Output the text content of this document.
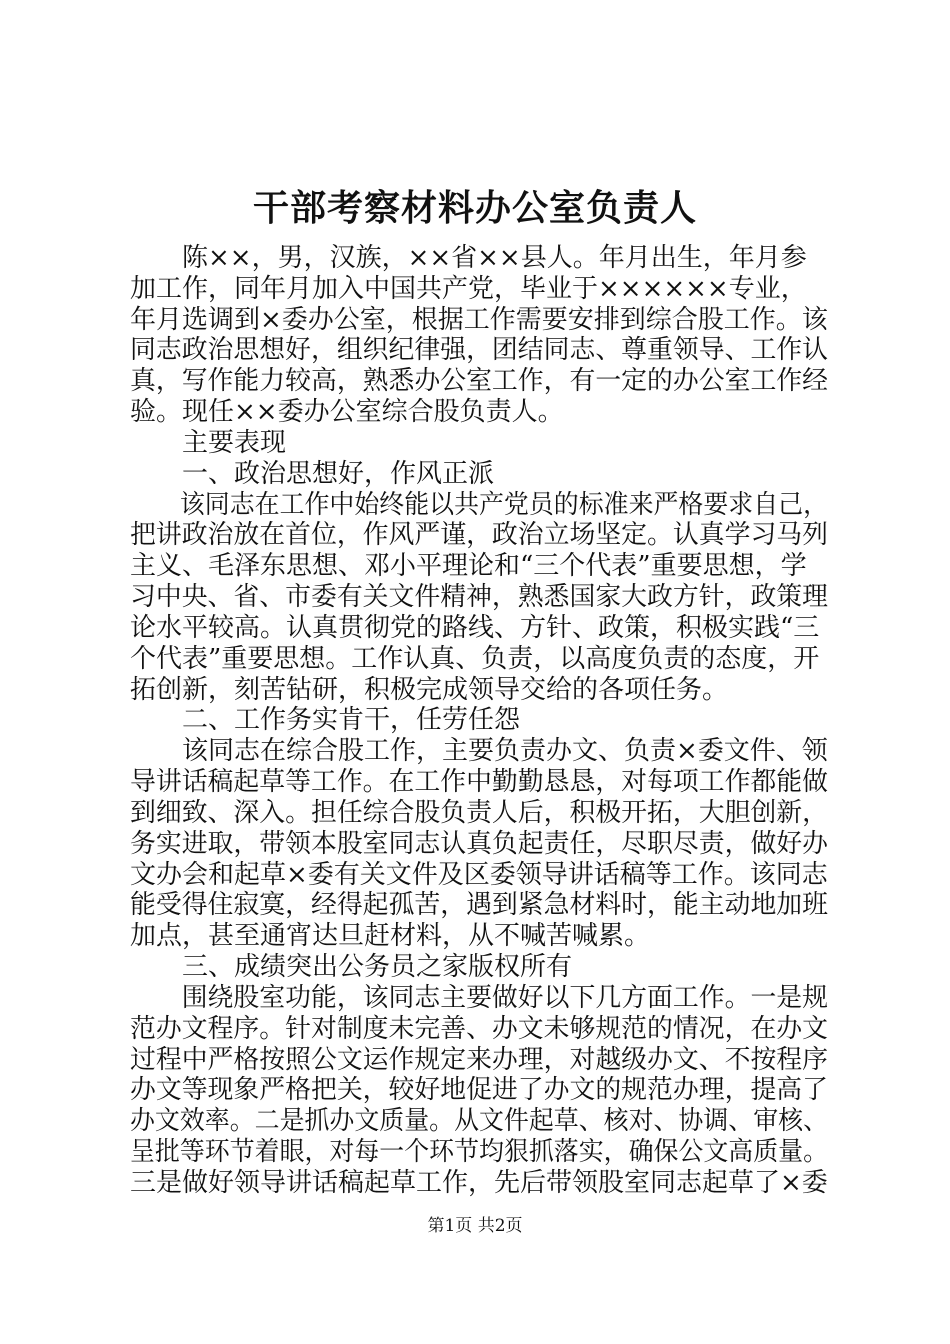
干部考察材料办公室负责人
　　陈××，男，汉族，××省××县人。年月出生，年月参
加工作，同年月加入中国共产党，毕业于××××××专业，
年月选调到×委办公室，根据工作需要安排到综合股工作。该
同志政治思想好，组织纪律强，团结同志、尊重领导、工作认
真，写作能力较高，熟悉办公室工作，有一定的办公室工作经
验。现任××委办公室综合股负责人。
　　主要表现
　　一、政治思想好，作风正派
　　该同志在工作中始终能以共产党员的标准来严格要求自己，
把讲政治放在首位，作风严谨，政治立场坚定。认真学习马列
主义、毛泽东思想、邓小平理论和“三个代表”重要思想，学
习中央、省、市委有关文件精神，熟悉国家大政方针，政策理
论水平较高。认真贯彻党的路线、方针、政策，积极实践“三
个代表”重要思想。工作认真、负责，以高度负责的态度，开
拓创新，刻苦钻研，积极完成领导交给的各项任务。
　　二、工作务实肯干，任劳任怨
　　该同志在综合股工作，主要负责办文、负责×委文件、领
导讲话稿起草等工作。在工作中勤勤恳恳，对每项工作都能做
到细致、深入。担任综合股负责人后，积极开拓，大胆创新，
务实进取，带领本股室同志认真负起责任，尽职尽责，做好办
文办会和起草×委有关文件及区委领导讲话稿等工作。该同志
能受得住寂寞，经得起孤苦，遇到紧急材料时，能主动地加班
加点，甚至通宵达旦赶材料，从不喊苦喊累。
　　三、成绩突出公务员之家版权所有
　　围绕股室功能，该同志主要做好以下几方面工作。一是规
范办文程序。针对制度未完善、办文未够规范的情况，在办文
过程中严格按照公文运作规定来办理，对越级办文、不按程序
办文等现象严格把关，较好地促进了办文的规范办理，提高了
办文效率。二是抓办文质量。从文件起草、核对、协调、审核、
呈批等环节着眼，对每一个环节均狠抓落实，确保公文高质量。
三是做好领导讲话稿起草工作，先后带领股室同志起草了×委
第1页 共2页
